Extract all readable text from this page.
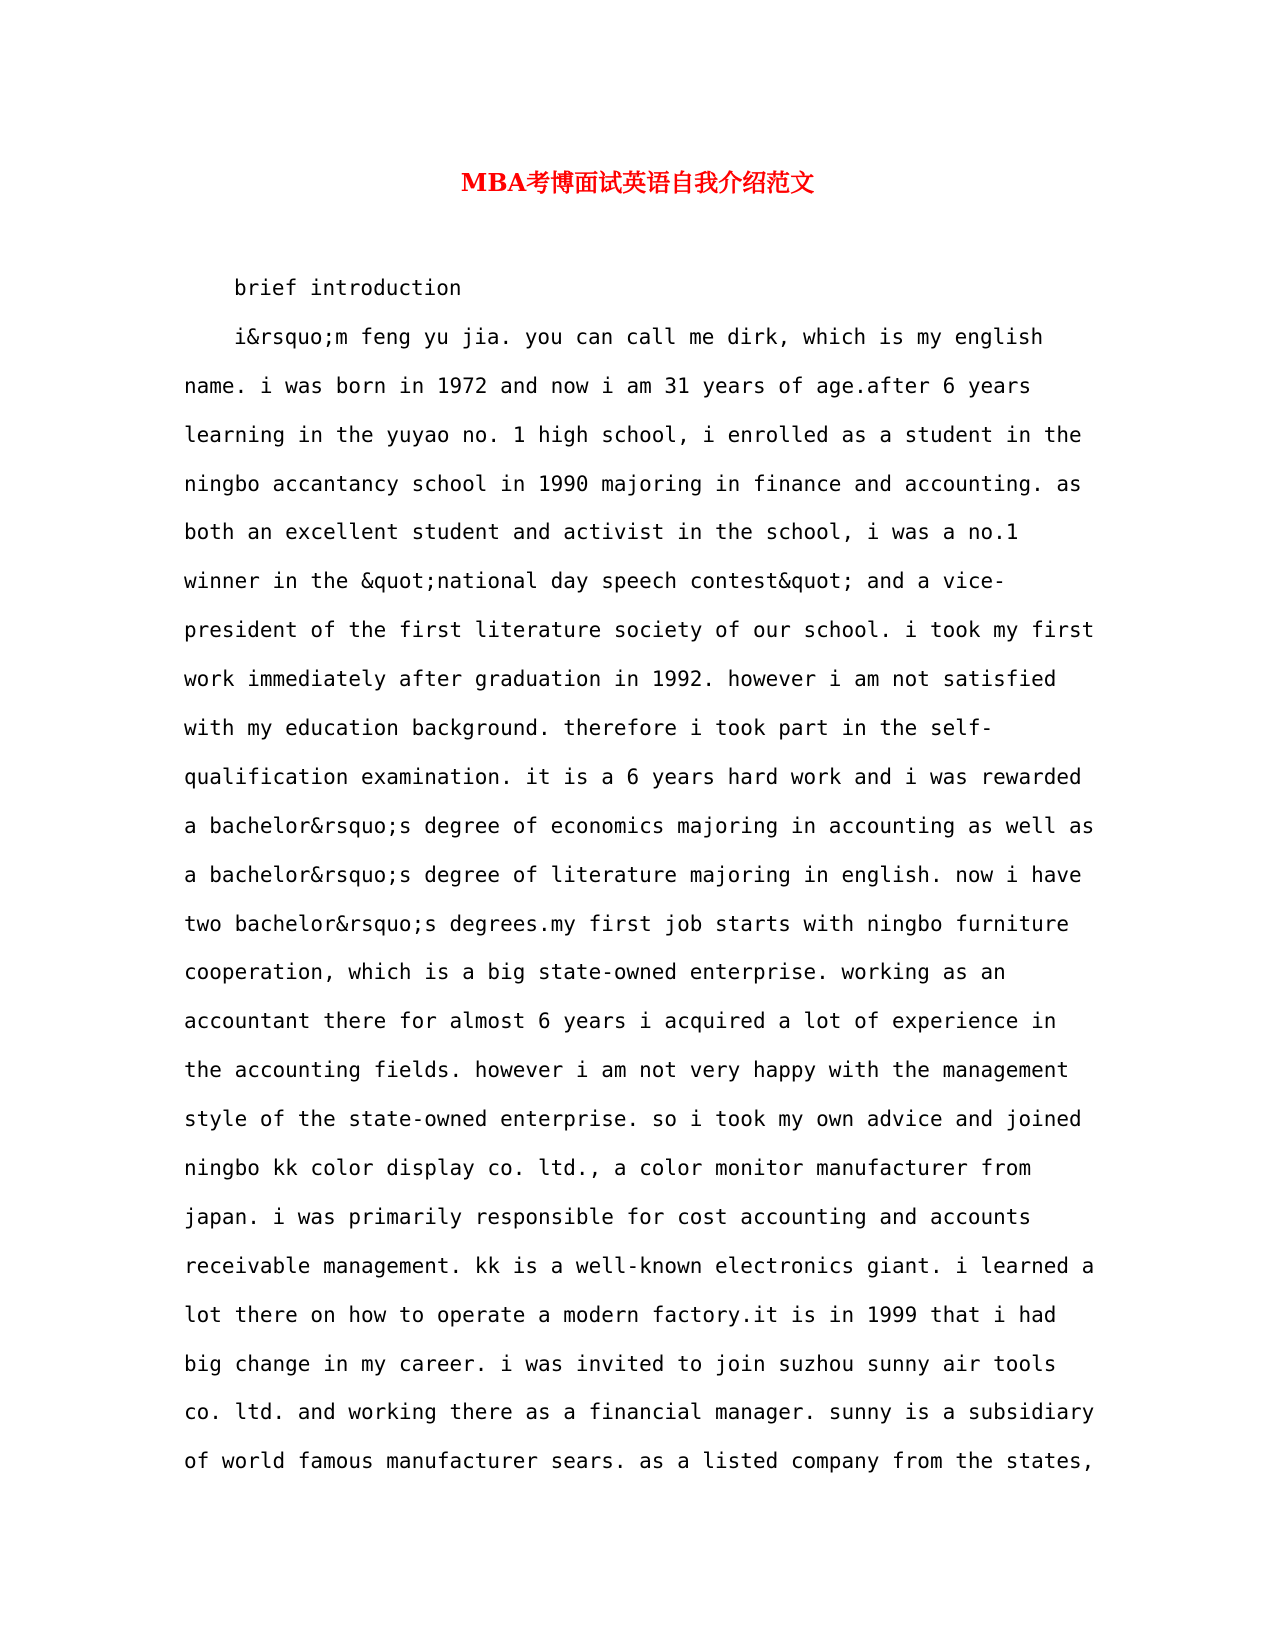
MBA考博面试英语自我介绍范文
brief introduction
i&rsquo;m feng yu jia. you can call me dirk, which is my english
name. i was born in 1972 and now i am 31 years of age.after 6 years
learning in the yuyao no. 1 high school, i enrolled as a student in the
ningbo accantancy school in 1990 majoring in finance and accounting. as
both an excellent student and activist in the school, i was a no.1
winner in the &quot;national day speech contest&quot; and a vice-
president of the first literature society of our school. i took my first
work immediately after graduation in 1992. however i am not satisfied
with my education background. therefore i took part in the self-
qualification examination. it is a 6 years hard work and i was rewarded
a bachelor&rsquo;s degree of economics majoring in accounting as well as
a bachelor&rsquo;s degree of literature majoring in english. now i have
two bachelor&rsquo;s degrees.my first job starts with ningbo furniture
cooperation, which is a big state-owned enterprise. working as an
accountant there for almost 6 years i acquired a lot of experience in
the accounting fields. however i am not very happy with the management
style of the state-owned enterprise. so i took my own advice and joined
ningbo kk color display co. ltd., a color monitor manufacturer from
japan. i was primarily responsible for cost accounting and accounts
receivable management. kk is a well-known electronics giant. i learned a
lot there on how to operate a modern factory.it is in 1999 that i had
big change in my career. i was invited to join suzhou sunny air tools
co. ltd. and working there as a financial manager. sunny is a subsidiary
of world famous manufacturer sears. as a listed company from the states,
